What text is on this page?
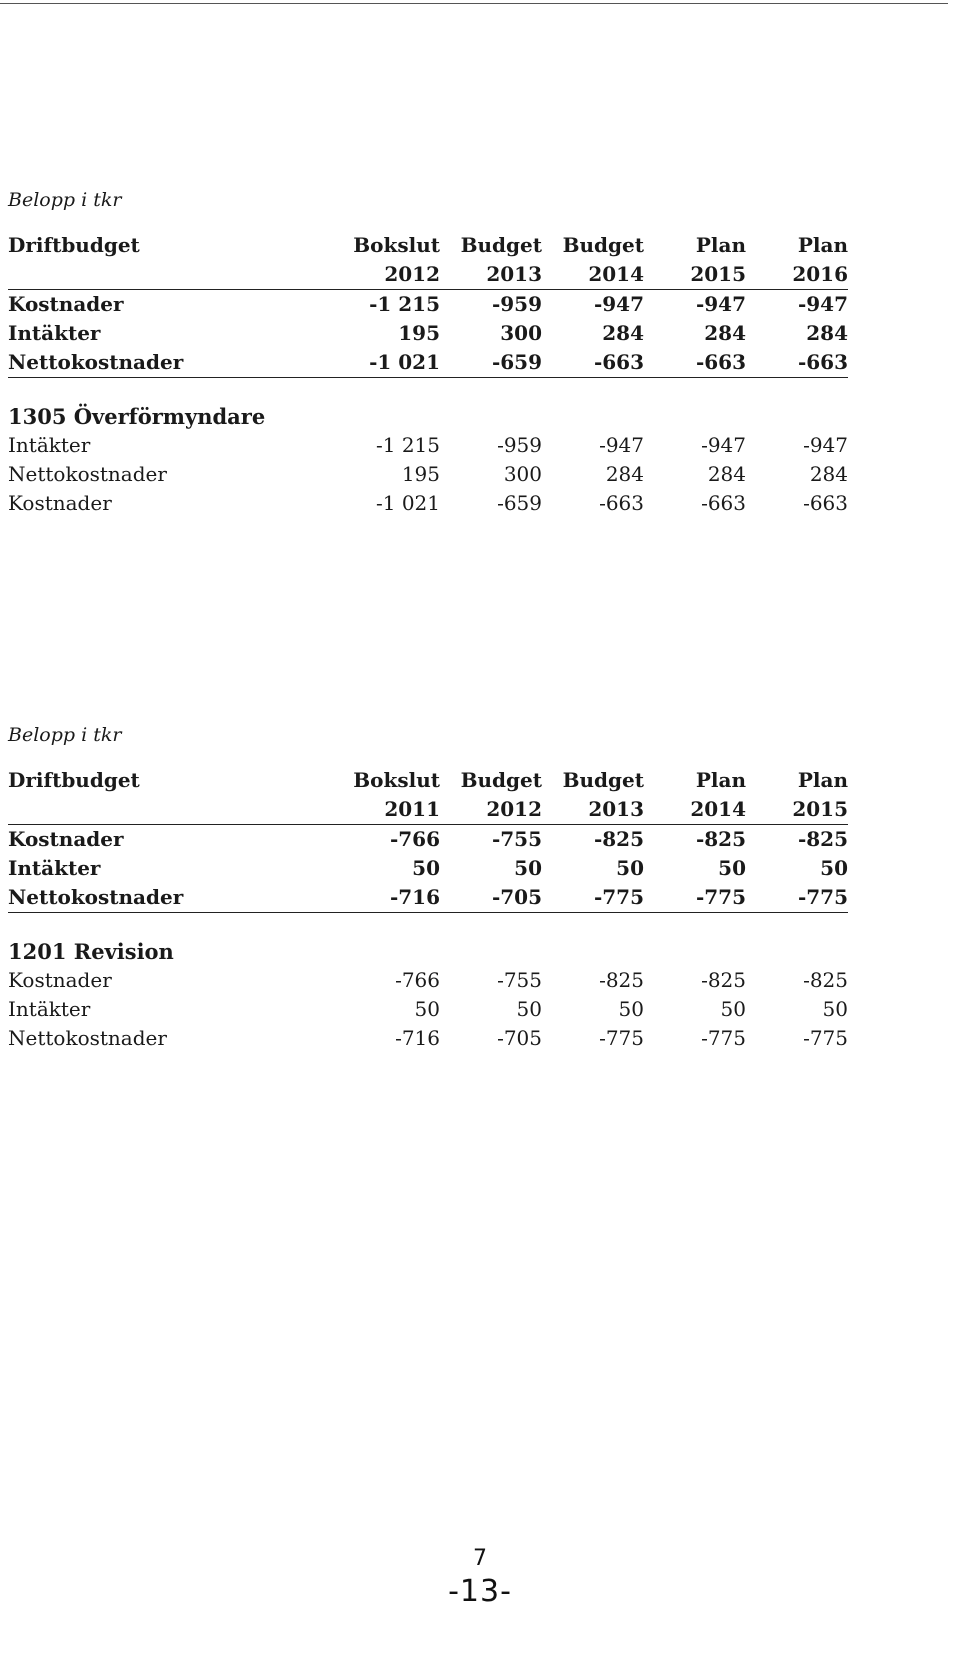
Belopp i tkr
Driftbudget	Bokslut	Budget	Budget	Plan	Plan
	2012	2013	2014	2015	2016
Kostnader	-1 215	-959	-947	-947	-947
Intäkter	195	300	284	284	284
Nettokostnader	-1 021	-659	-663	-663	-663

1305 Överförmyndare					
Intäkter	-1 215	-959	-947	-947	-947
Nettokostnader	195	300	284	284	284
Kostnader	-1 021	-659	-663	-663	-663
Belopp i tkr
Driftbudget	Bokslut	Budget	Budget	Plan	Plan
	2011	2012	2013	2014	2015
Kostnader	-766	-755	-825	-825	-825
Intäkter	50	50	50	50	50
Nettokostnader	-716	-705	-775	-775	-775

1201 Revision					
Kostnader	-766	-755	-825	-825	-825
Intäkter	50	50	50	50	50
Nettokostnader	-716	-705	-775	-775	-775
7
-13-
